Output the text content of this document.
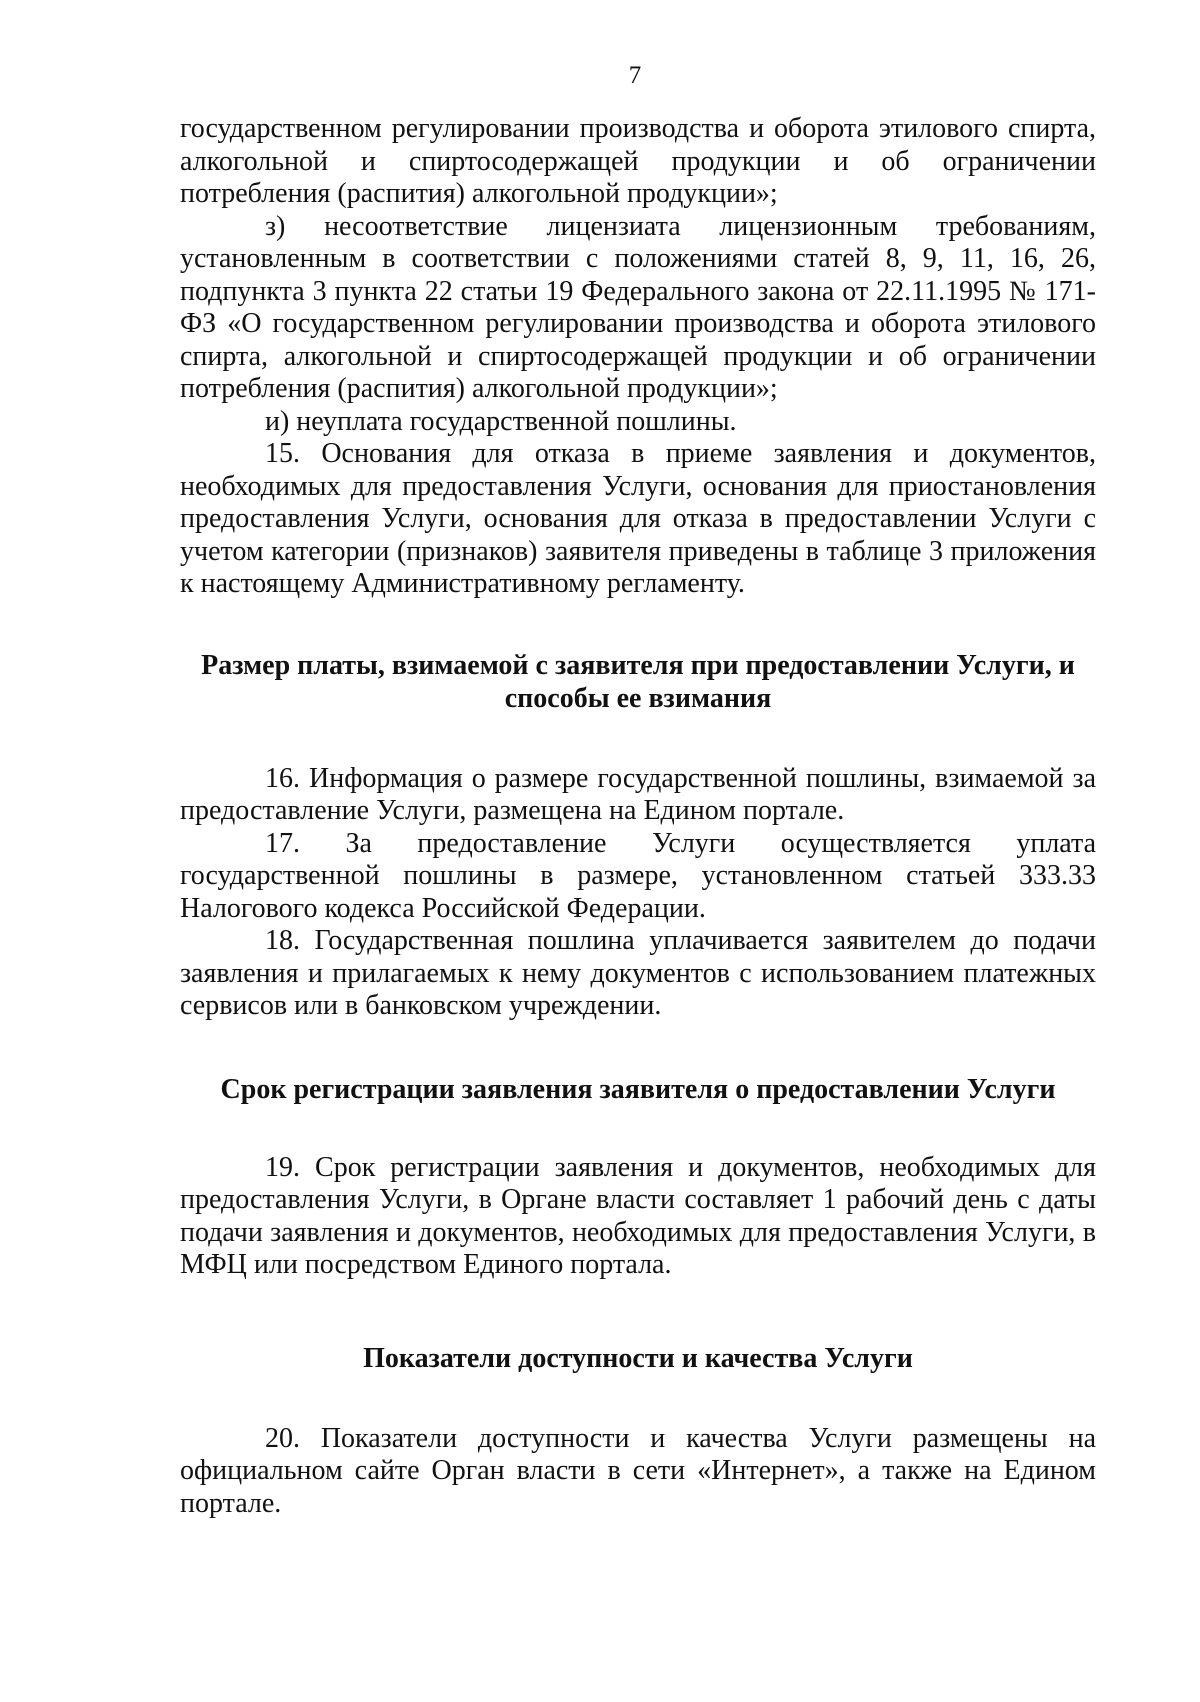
7

государственном регулировании производства и оборота этилового спирта, алкогольной и спиртосодержащей продукции и об ограничении потребления (распития) алкогольной продукции»;

з) несоответствие лицензиата лицензионным требованиям, установленным в соответствии с положениями статей 8, 9, 11, 16, 26, подпункта 3 пункта 22 статьи 19 Федерального закона от 22.11.1995 № 171-ФЗ «О государственном регулировании производства и оборота этилового спирта, алкогольной и спиртосодержащей продукции и об ограничении потребления (распития) алкогольной продукции»;

и) неуплата государственной пошлины.

15. Основания для отказа в приеме заявления и документов, необходимых для предоставления Услуги, основания для приостановления предоставления Услуги, основания для отказа в предоставлении Услуги с учетом категории (признаков) заявителя приведены в таблице 3 приложения к настоящему Административному регламенту.

Размер платы, взимаемой с заявителя при предоставлении Услуги, и способы ее взимания

16. Информация о размере государственной пошлины, взимаемой за предоставление Услуги, размещена на Едином портале.

17. За предоставление Услуги осуществляется уплата государственной пошлины в размере, установленном статьей 333.33 Налогового кодекса Российской Федерации.

18. Государственная пошлина уплачивается заявителем до подачи заявления и прилагаемых к нему документов с использованием платежных сервисов или в банковском учреждении.

Срок регистрации заявления заявителя о предоставлении Услуги

19. Срок регистрации заявления и документов, необходимых для предоставления Услуги, в Органе власти составляет 1 рабочий день с даты подачи заявления и документов, необходимых для предоставления Услуги, в МФЦ или посредством Единого портала.

Показатели доступности и качества Услуги

20. Показатели доступности и качества Услуги размещены на официальном сайте Орган власти в сети «Интернет», а также на Едином портале.
